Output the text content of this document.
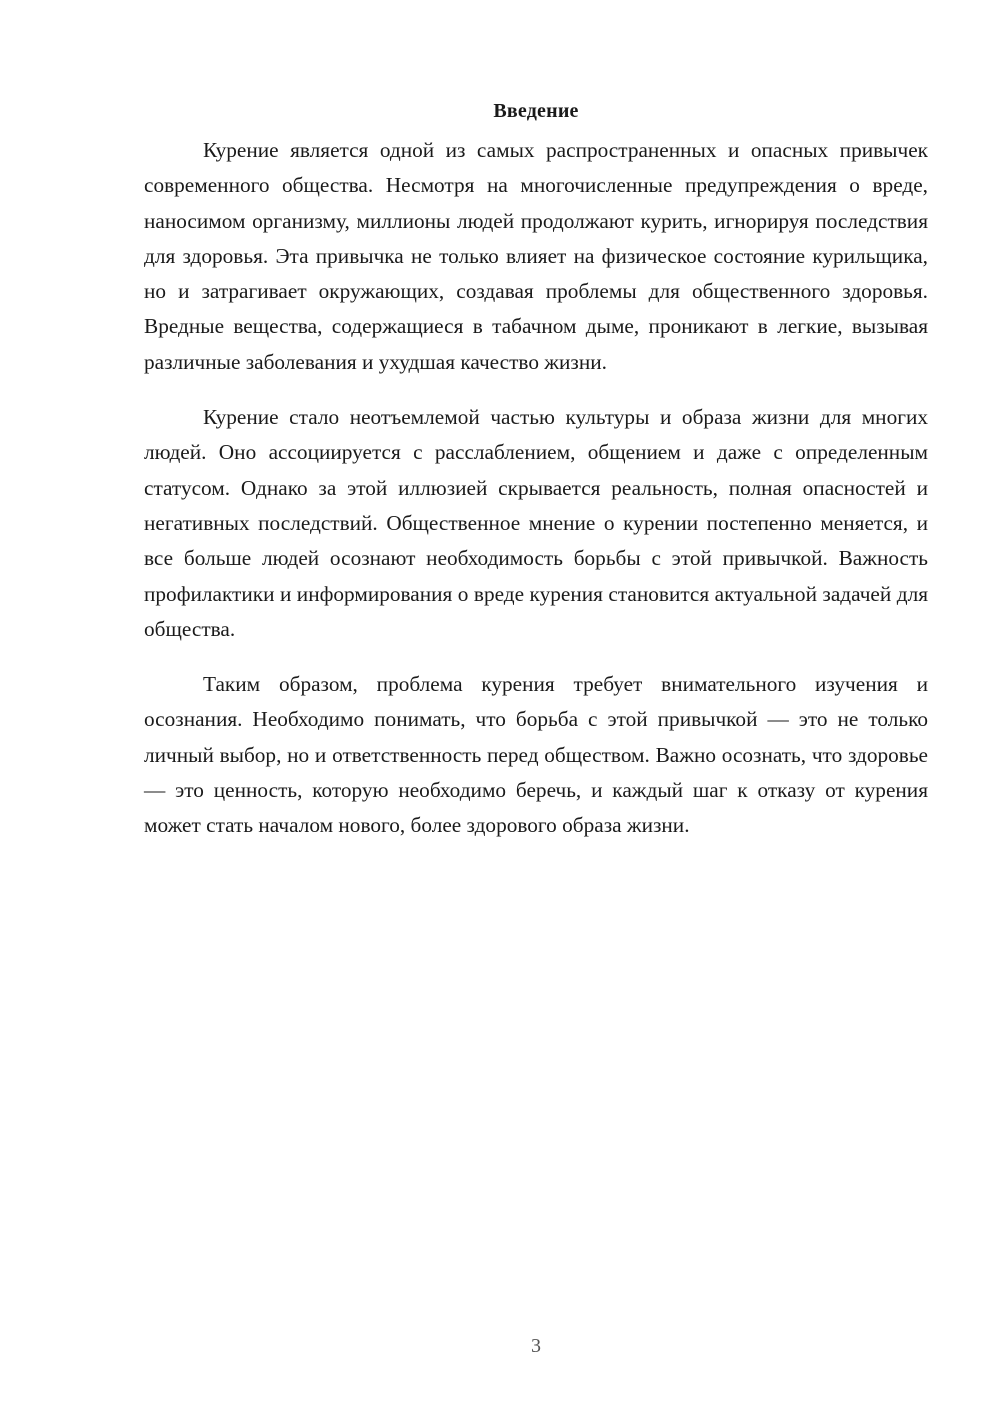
Введение

Курение является одной из самых распространенных и опасных привычек современного общества. Несмотря на многочисленные предупреждения о вреде, наносимом организму, миллионы людей продолжают курить, игнорируя последствия для здоровья. Эта привычка не только влияет на физическое состояние курильщика, но и затрагивает окружающих, создавая проблемы для общественного здоровья. Вредные вещества, содержащиеся в табачном дыме, проникают в легкие, вызывая различные заболевания и ухудшая качество жизни.

Курение стало неотъемлемой частью культуры и образа жизни для многих людей. Оно ассоциируется с расслаблением, общением и даже с определенным статусом. Однако за этой иллюзией скрывается реальность, полная опасностей и негативных последствий. Общественное мнение о курении постепенно меняется, и все больше людей осознают необходимость борьбы с этой привычкой. Важность профилактики и информирования о вреде курения становится актуальной задачей для общества.

Таким образом, проблема курения требует внимательного изучения и осознания. Необходимо понимать, что борьба с этой привычкой — это не только личный выбор, но и ответственность перед обществом. Важно осознать, что здоровье — это ценность, которую необходимо беречь, и каждый шаг к отказу от курения может стать началом нового, более здорового образа жизни.

3
